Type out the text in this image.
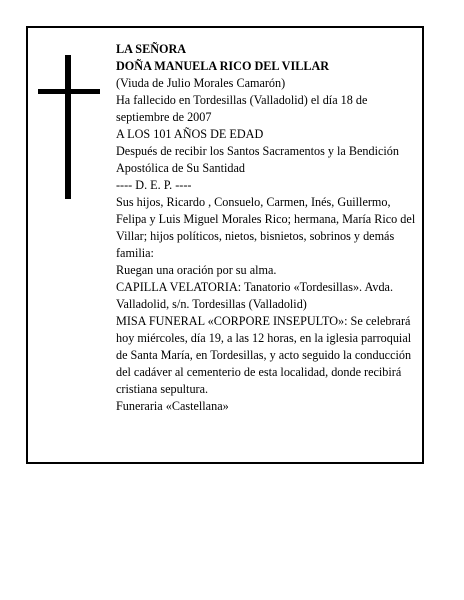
LA SEÑORA

DOÑA MANUELA RICO DEL VILLAR

(Viuda de Julio Morales Camarón)

Ha fallecido en Tordesillas (Valladolid) el día 18 de septiembre de 2007

A LOS 101 AÑOS DE EDAD

Después de recibir los Santos Sacramentos y la Bendición Apostólica de Su Santidad

---- D. E. P. ----

Sus hijos, Ricardo , Consuelo, Carmen, Inés, Guillermo, Felipa y Luis Miguel Morales Rico; hermana, María Rico del Villar; hijos políticos, nietos, bisnietos, sobrinos y demás familia:

Ruegan una oración por su alma.

CAPILLA VELATORIA: Tanatorio «Tordesillas». Avda. Valladolid, s/n. Tordesillas (Valladolid)

MISA FUNERAL «CORPORE INSEPULTO»: Se celebrará hoy miércoles, día 19, a las 12 horas, en la iglesia parroquial de Santa María, en Tordesillas, y acto seguido la conducción del cadáver al cementerio de esta localidad, donde recibirá cristiana sepultura.

Funeraria «Castellana»
